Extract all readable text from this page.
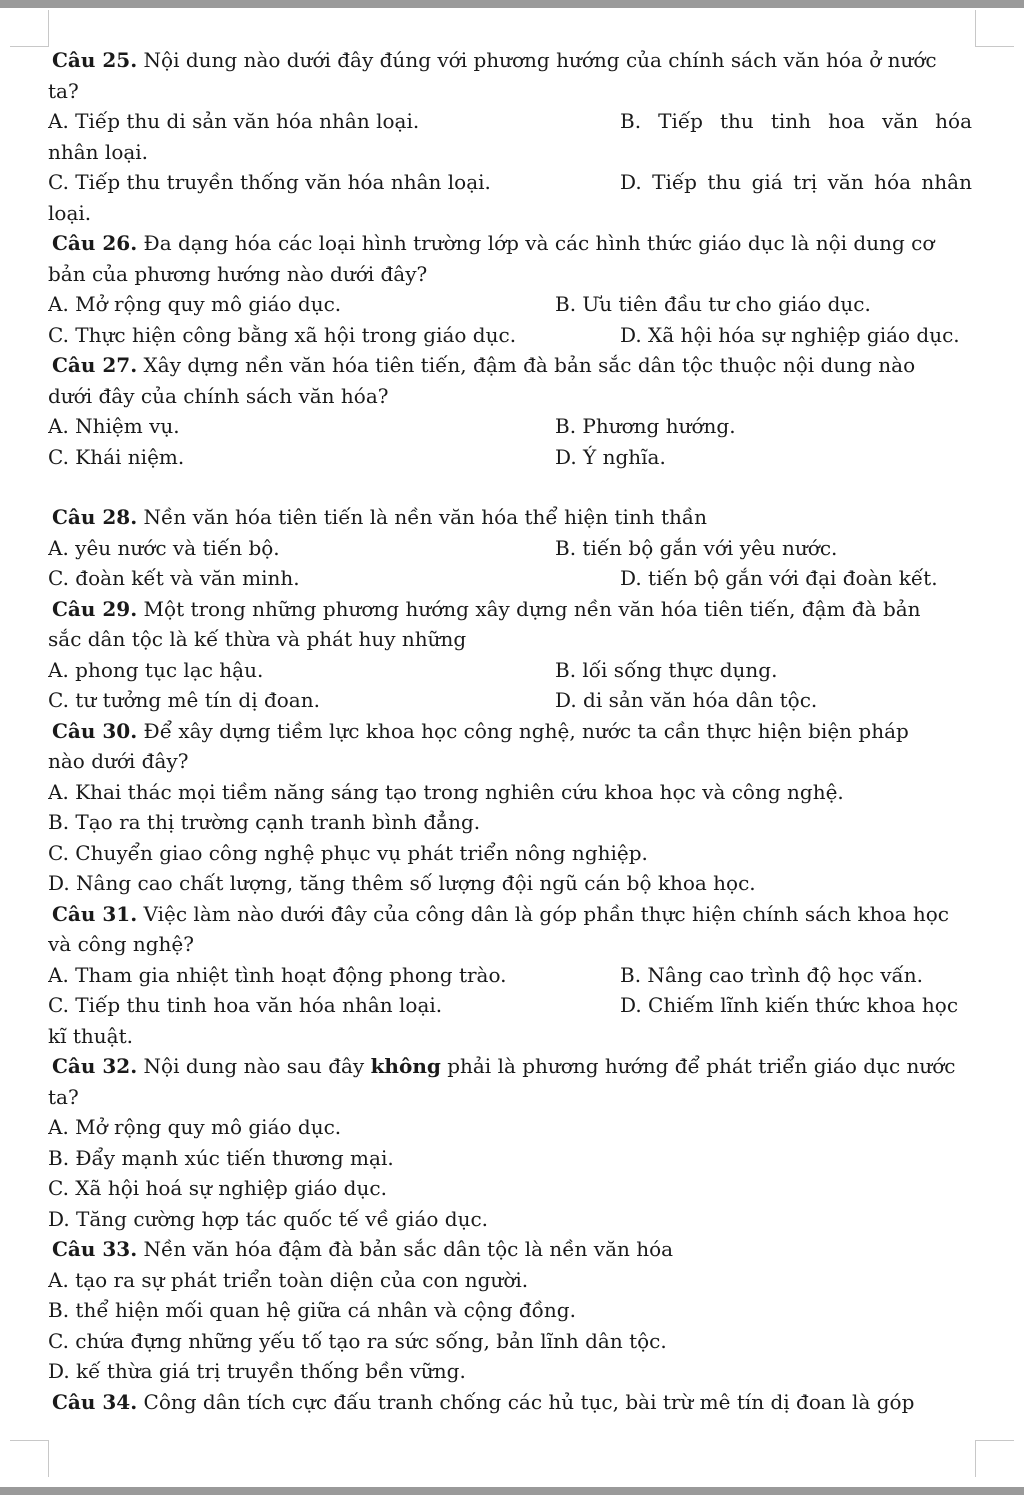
Câu 25. Nội dung nào dưới đây đúng với phương hướng của chính sách văn hóa ở nước
ta?
A. Tiếp thu di sản văn hóa nhân loại.	B. Tiếp thu tinh hoa văn hóa
nhân loại.
C. Tiếp thu truyền thống văn hóa nhân loại.	D. Tiếp thu giá trị văn hóa nhân
loại.
Câu 26. Đa dạng hóa các loại hình trường lớp và các hình thức giáo dục là nội dung cơ
bản của phương hướng nào dưới đây?
A. Mở rộng quy mô giáo dục.	B. Ưu tiên đầu tư cho giáo dục.
C. Thực hiện công bằng xã hội trong giáo dục.	D. Xã hội hóa sự nghiệp giáo dục.
Câu 27. Xây dựng nền văn hóa tiên tiến, đậm đà bản sắc dân tộc thuộc nội dung nào
dưới đây của chính sách văn hóa?
A. Nhiệm vụ.	B. Phương hướng.
C. Khái niệm.	D. Ý nghĩa.
Câu 28. Nền văn hóa tiên tiến là nền văn hóa thể hiện tinh thần
A. yêu nước và tiến bộ.	B. tiến bộ gắn với yêu nước.
C. đoàn kết và văn minh.	D. tiến bộ gắn với đại đoàn kết.
Câu 29. Một trong những phương hướng xây dựng nền văn hóa tiên tiến, đậm đà bản
sắc dân tộc là kế thừa và phát huy những
A. phong tục lạc hậu.	B. lối sống thực dụng.
C. tư tưởng mê tín dị đoan.	D. di sản văn hóa dân tộc.
Câu 30. Để xây dựng tiềm lực khoa học công nghệ, nước ta cần thực hiện biện pháp
nào dưới đây?
A. Khai thác mọi tiềm năng sáng tạo trong nghiên cứu khoa học và công nghệ.
B. Tạo ra thị trường cạnh tranh bình đẳng.
C. Chuyển giao công nghệ phục vụ phát triển nông nghiệp.
D. Nâng cao chất lượng, tăng thêm số lượng đội ngũ cán bộ khoa học.
Câu 31. Việc làm nào dưới đây của công dân là góp phần thực hiện chính sách khoa học
và công nghệ?
A. Tham gia nhiệt tình hoạt động phong trào.	B. Nâng cao trình độ học vấn.
C. Tiếp thu tinh hoa văn hóa nhân loại.	D. Chiếm lĩnh kiến thức khoa học
kĩ thuật.
Câu 32. Nội dung nào sau đây không phải là phương hướng để phát triển giáo dục nước
ta?
A. Mở rộng quy mô giáo dục.
B. Đẩy mạnh xúc tiến thương mại.
C. Xã hội hoá sự nghiệp giáo dục.
D. Tăng cường hợp tác quốc tế về giáo dục.
Câu 33. Nền văn hóa đậm đà bản sắc dân tộc là nền văn hóa
A. tạo ra sự phát triển toàn diện của con người.
B. thể hiện mối quan hệ giữa cá nhân và cộng đồng.
C. chứa đựng những yếu tố tạo ra sức sống, bản lĩnh dân tộc.
D. kế thừa giá trị truyền thống bền vững.
Câu 34. Công dân tích cực đấu tranh chống các hủ tục, bài trừ mê tín dị đoan là góp
